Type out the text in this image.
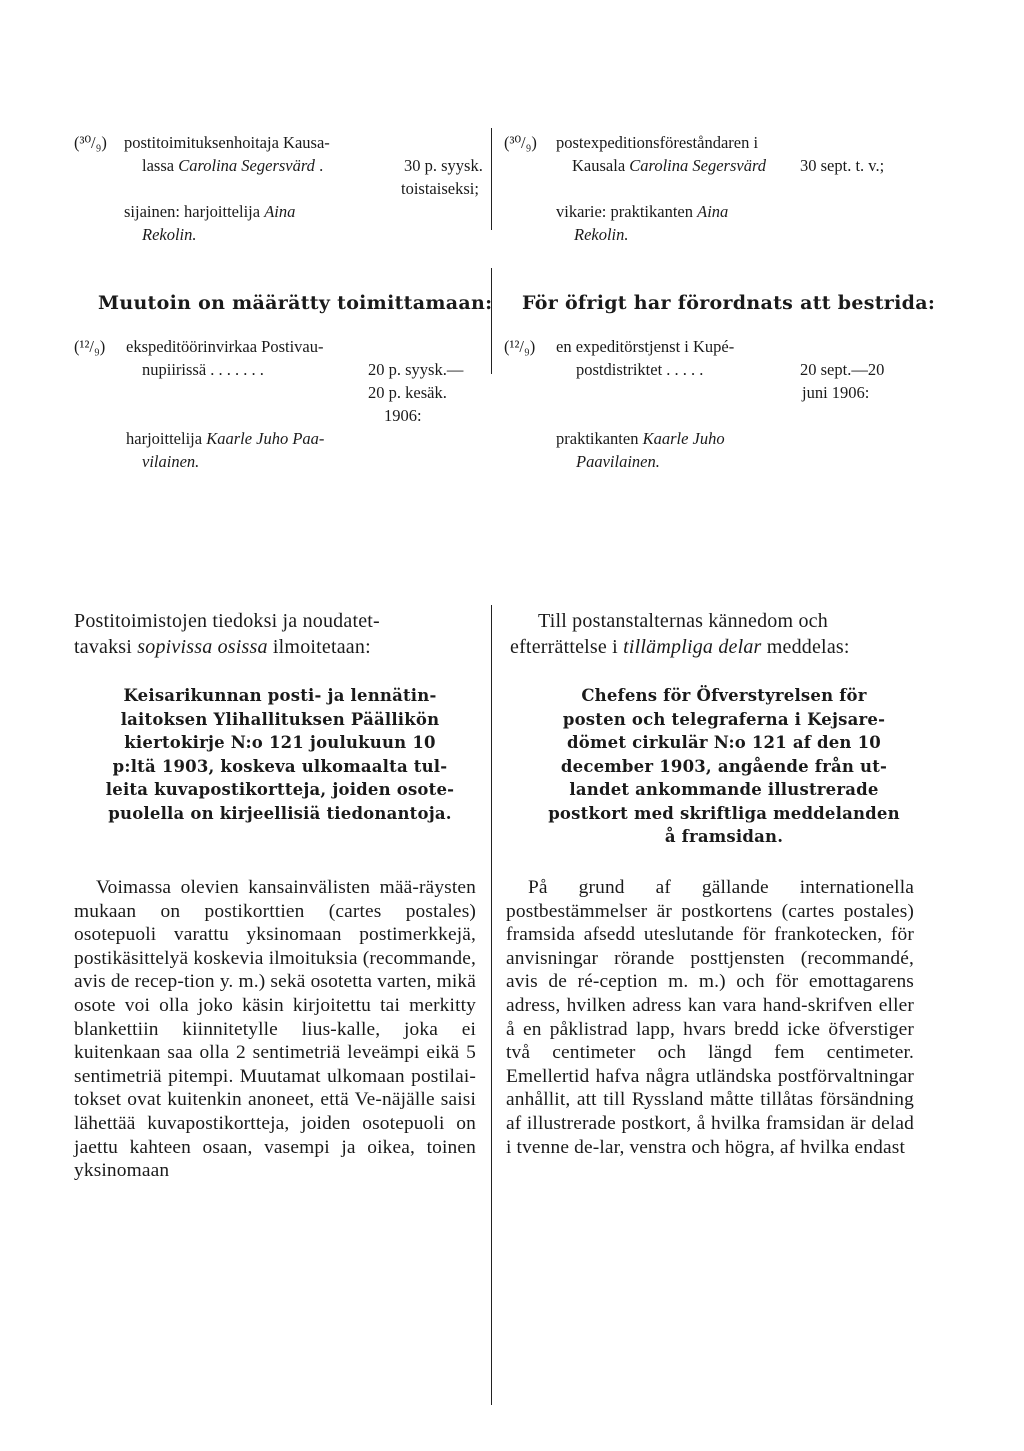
(³⁰/₉) postitoimituksenhoitaja Kausa-
lassa Carolina Segersvärd .	30 p. syysk.
toistaiseksi;
sijainen: harjoittelija Aina
Rekolin.
(³⁰/₉) postexpeditionsföreståndaren i
Kausala Carolina Segersvärd 30 sept. t. v.;
vikarie: praktikanten Aina
Rekolin.
Muutoin on määrätty toimittamaan: För öfrigt har förordnats att bestrida:
(¹²/₉) ekspeditöörinvirkaa Postivau-
nupiirissä . . . . . . .	20 p. syysk.—
20 p. kesäk.
1906:
harjoittelija Kaarle Juho Paa-
vilainen.
(¹²/₉) en expeditörstjenst i Kupé-
postdistriktet . . . . .	20 sept.—20
juni 1906:
praktikanten Kaarle Juho
Paavilainen.
Postitoimistojen tiedoksi ja noudatet-
tavaksi sopivissa osissa ilmoitetaan:
Till postanstalternas kännedom och
efterrättelse i tillämpliga delar meddelas:
Keisarikunnan posti- ja lennätin-
laitoksen Ylihallituksen Päällikön
kiertokirje N:o 121 joulukuun 10
p:ltä 1903, koskeva ulkomaalta tul-
leita kuvapostikortteja, joiden osote-
puolella on kirjeellisiä tiedonantoja.
Chefens för Öfverstyrelsen för
posten och telegraferna i Kejsare-
dömet cirkulär N:o 121 af den 10
december 1903, angående från ut-
landet ankommande illustrerade
postkort med skriftliga meddelanden
å framsidan.

Voimassa olevien kansainvälisten mää-räysten mukaan on postikorttien (cartes postales) osotepuoli varattu yksinomaan postimerkkejä, postikäsittelyä koskevia ilmoituksia (recommande, avis de recep-tion y. m.) sekä osotetta varten, mikä osote voi olla joko käsin kirjoitettu tai merkitty blankettiin kiinnitetylle lius-kalle, joka ei kuitenkaan saa olla 2 sentimetriä leveämpi eikä 5 sentimetriä pitempi. Muutamat ulkomaan postilai-tokset ovat kuitenkin anoneet, että Ve-näjälle saisi lähettää kuvapostikortteja, joiden osotepuoli on jaettu kahteen osaan, vasempi ja oikea, toinen yksinomaan

På grund af gällande internationella postbestämmelser är postkortens (cartes postales) framsida afsedd uteslutande för frankotecken, för anvisningar rörande posttjensten (recommandé, avis de ré-ception m. m.) och för emottagarens adress, hvilken adress kan vara hand-skrifven eller å en påklistrad lapp, hvars bredd icke öfverstiger två centimeter och längd fem centimeter. Emellertid hafva några utländska postförvaltningar anhållit, att till Ryssland måtte tillåtas försändning af illustrerade postkort, å hvilka framsidan är delad i tvenne de-lar, venstra och högra, af hvilka endast
